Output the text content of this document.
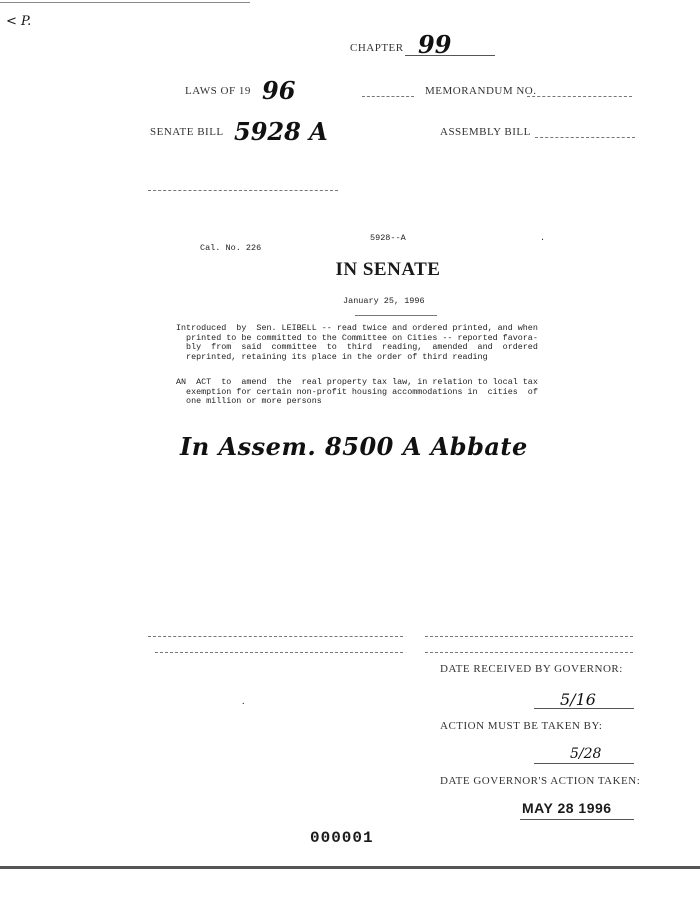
< P.
CHAPTER 99
LAWS OF 19 96	MEMORANDUM NO.
SENATE BILL 5928 A	ASSEMBLY BILL
5928--A	.
Cal. No. 226
IN SENATE
January 25, 1996
Introduced  by  Sen. LEIBELL -- read twice and ordered printed, and when
printed to be committed to the Committee on Cities -- reported favora-
bly  from  said  committee  to  third  reading,  amended  and  ordered
reprinted, retaining its place in the order of third reading
AN  ACT  to  amend  the  real property tax law, in relation to local tax
exemption for certain non-profit housing accommodations in  cities  of
one million or more persons
In Assem. 8500 A Abbate
DATE RECEIVED BY GOVERNOR:
5/16
.
ACTION MUST BE TAKEN BY:
5/28
DATE GOVERNOR'S ACTION TAKEN:
MAY 28 1996
000001
